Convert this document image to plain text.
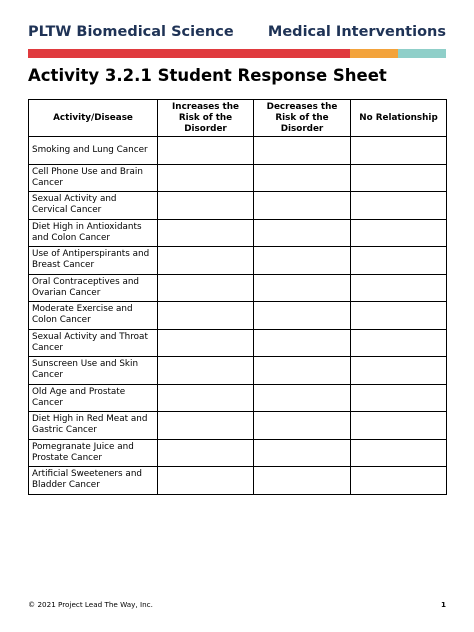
PLTW Biomedical Science Medical Interventions
Activity 3.2.1 Student Response Sheet
Activity/Disease	Increases the Risk of the Disorder	Decreases the Risk of the Disorder	No Relationship
Smoking and Lung Cancer			
Cell Phone Use and Brain Cancer			
Sexual Activity and Cervical Cancer			
Diet High in Antioxidants and Colon Cancer			
Use of Antiperspirants and Breast Cancer			
Oral Contraceptives and Ovarian Cancer			
Moderate Exercise and Colon Cancer			
Sexual Activity and Throat Cancer			
Sunscreen Use and Skin Cancer			
Old Age and Prostate Cancer			
Diet High in Red Meat and Gastric Cancer			
Pomegranate Juice and Prostate Cancer			
Artificial Sweeteners and Bladder Cancer			
© 2021 Project Lead The Way, Inc.	1
